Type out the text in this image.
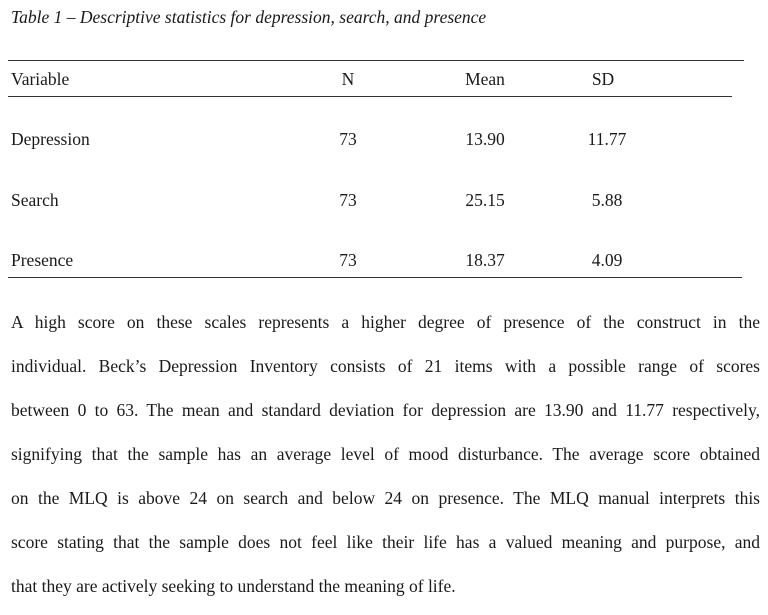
Table 1 – Descriptive statistics for depression, search, and presence
Variable	N	Mean	SD
Depression	73	13.90	11.77
Search	73	25.15	5.88
Presence	73	18.37	4.09
A high score on these scales represents a higher degree of presence of the construct in the
individual. Beck’s Depression Inventory consists of 21 items with a possible range of scores
between 0 to 63. The mean and standard deviation for depression are 13.90 and 11.77 respectively,
signifying that the sample has an average level of mood disturbance. The average score obtained
on the MLQ is above 24 on search and below 24 on presence. The MLQ manual interprets this
score stating that the sample does not feel like their life has a valued meaning and purpose, and
that they are actively seeking to understand the meaning of life.
